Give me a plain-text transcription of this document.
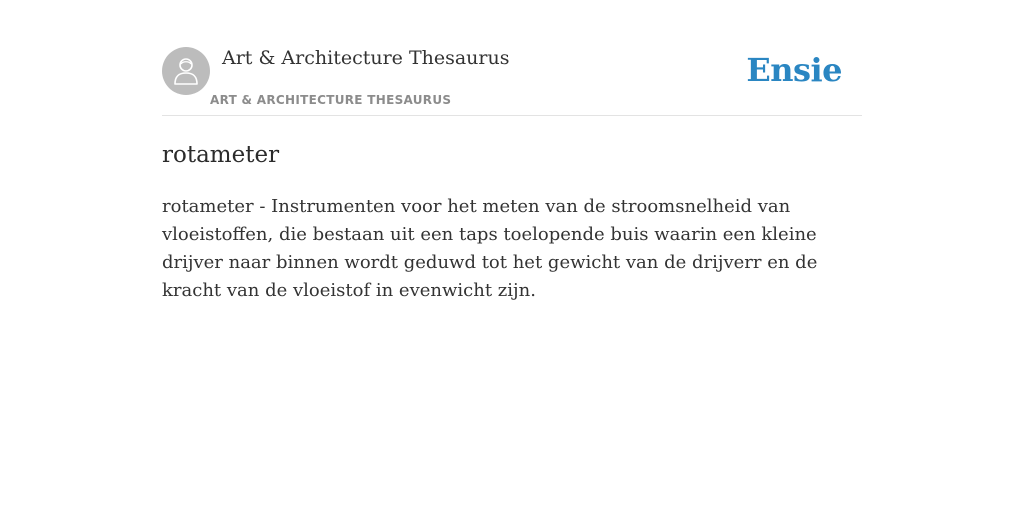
Art & Architecture Thesaurus
ART & ARCHITECTURE THESAURUS
Ensie
rotameter

rotameter - Instrumenten voor het meten van de stroomsnelheid van vloeistoffen, die bestaan uit een taps toelopende buis waarin een kleine drijver naar binnen wordt geduwd tot het gewicht van de drijverr en de kracht van de vloeistof in evenwicht zijn.
